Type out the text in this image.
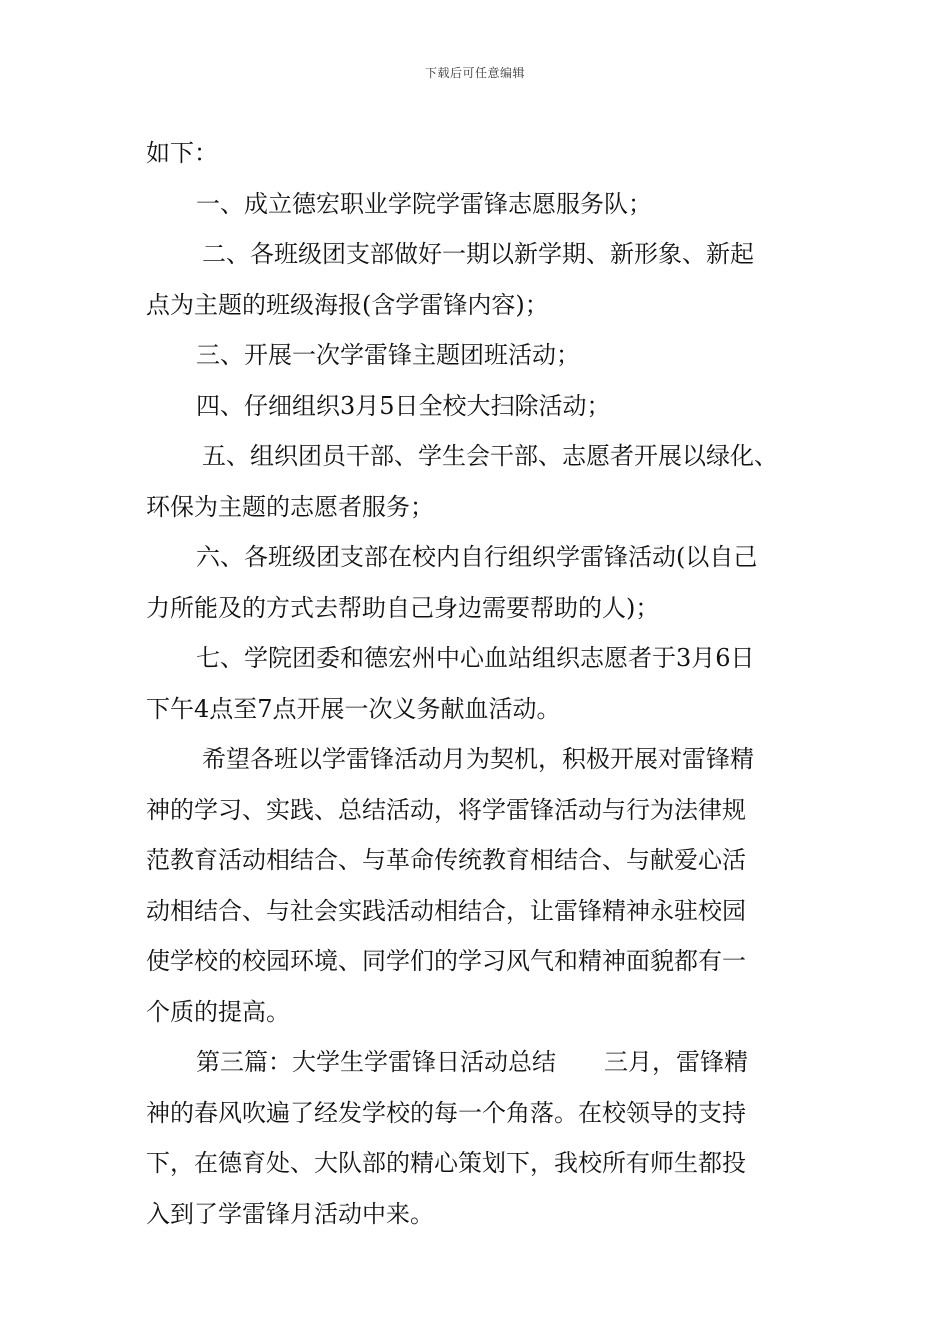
下载后可任意编辑
如下：
一、成立德宏职业学院学雷锋志愿服务队；
二、各班级团支部做好一期以新学期、新形象、新起
点为主题的班级海报(含学雷锋内容)；
三、开展一次学雷锋主题团班活动；
四、仔细组织3月5日全校大扫除活动；
五、组织团员干部、学生会干部、志愿者开展以绿化、
环保为主题的志愿者服务；
六、各班级团支部在校内自行组织学雷锋活动(以自己
力所能及的方式去帮助自己身边需要帮助的人)；
七、学院团委和德宏州中心血站组织志愿者于3月6日
下午4点至7点开展一次义务献血活动。
希望各班以学雷锋活动月为契机，积极开展对雷锋精
神的学习、实践、总结活动，将学雷锋活动与行为法律规
范教育活动相结合、与革命传统教育相结合、与献爱心活
动相结合、与社会实践活动相结合，让雷锋精神永驻校园
使学校的校园环境、同学们的学习风气和精神面貌都有一
个质的提高。
第三篇：大学生学雷锋日活动总结　　三月，雷锋精
神的春风吹遍了经发学校的每一个角落。在校领导的支持
下，在德育处、大队部的精心策划下，我校所有师生都投
入到了学雷锋月活动中来。
